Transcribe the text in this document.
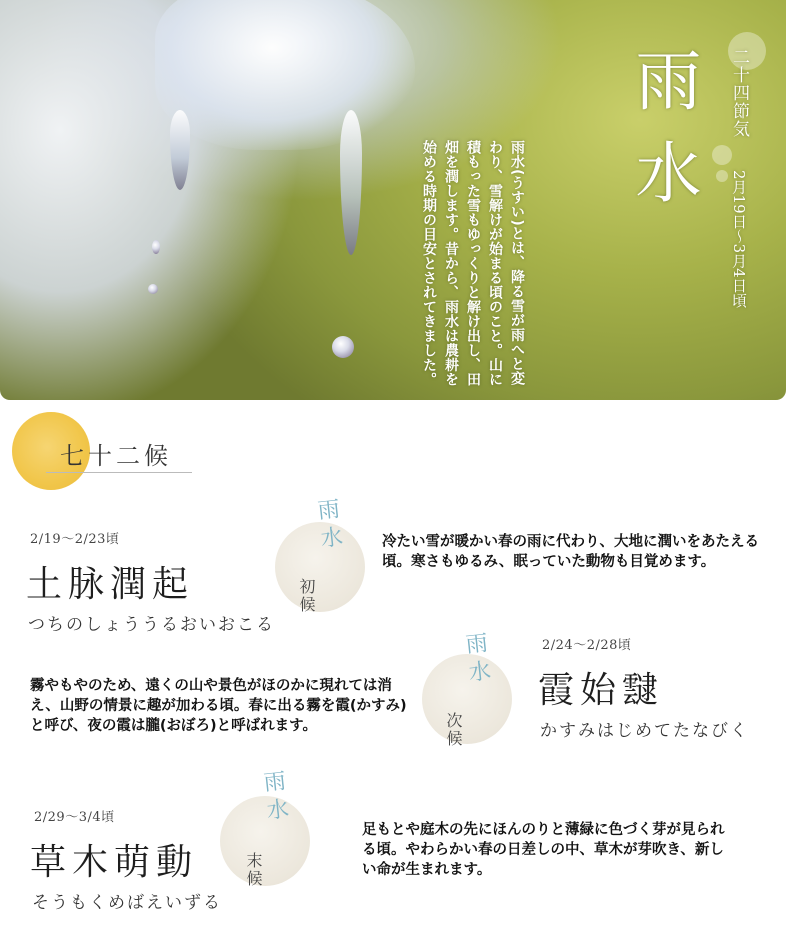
雨水(うすい)とは、降る雪が雨へと変わり、雪解けが始まる頃のこと。山に積もった雪もゆっくりと解け出し、田畑を潤します。昔から、雨水は農耕を始める時期の目安とされてきました。

雨水 二十四節気
2月19日〜3月4日頃
七十二候
2/19〜2/23頃
土脉潤起
つちのしょううるおいおこる
雨水
初候

冷たい雪が暖かい春の雨に代わり、大地に潤いをあたえる頃。寒さもゆるみ、眠っていた動物も目覚めます。

2/24〜2/28頃
霞始靆
かすみはじめてたなびく
雨水
次候

霧やもやのため、遠くの山や景色がほのかに現れては消え、山野の情景に趣が加わる頃。春に出る霧を霞(かすみ)と呼び、夜の霞は朧(おぼろ)と呼ばれます。

2/29〜3/4頃
草木萌動
そうもくめばえいずる
雨水
末候

足もとや庭木の先にほんのりと薄緑に色づく芽が見られる頃。やわらかい春の日差しの中、草木が芽吹き、新しい命が生まれます。
